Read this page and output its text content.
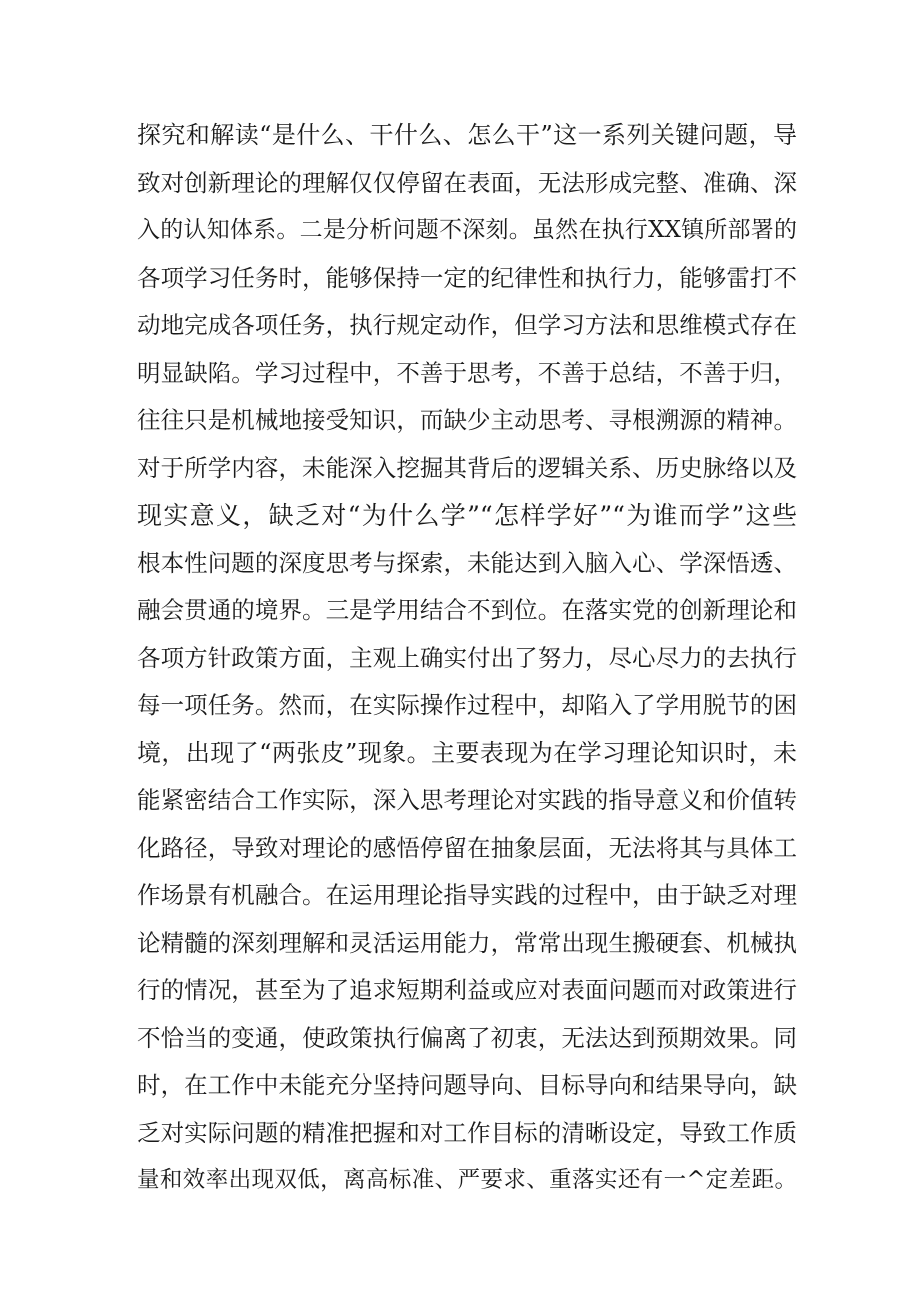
探究和解读“是什么、干什么、怎么干”这一系列关键问题，导
致对创新理论的理解仅仅停留在表面，无法形成完整、准确、深
入的认知体系。二是分析问题不深刻。虽然在执行XX镇所部署的
各项学习任务时，能够保持一定的纪律性和执行力，能够雷打不
动地完成各项任务，执行规定动作，但学习方法和思维模式存在
明显缺陷。学习过程中，不善于思考，不善于总结，不善于归，
往往只是机械地接受知识，而缺少主动思考、寻根溯源的精神。
对于所学内容，未能深入挖掘其背后的逻辑关系、历史脉络以及
现实意义，缺乏对“为什么学”“怎样学好”“为谁而学”这些
根本性问题的深度思考与探索，未能达到入脑入心、学深悟透、
融会贯通的境界。三是学用结合不到位。在落实党的创新理论和
各项方针政策方面，主观上确实付出了努力，尽心尽力的去执行
每一项任务。然而，在实际操作过程中，却陷入了学用脱节的困
境，出现了“两张皮”现象。主要表现为在学习理论知识时，未
能紧密结合工作实际，深入思考理论对实践的指导意义和价值转
化路径，导致对理论的感悟停留在抽象层面，无法将其与具体工
作场景有机融合。在运用理论指导实践的过程中，由于缺乏对理
论精髓的深刻理解和灵活运用能力，常常出现生搬硬套、机械执
行的情况，甚至为了追求短期利益或应对表面问题而对政策进行
不恰当的变通，使政策执行偏离了初衷，无法达到预期效果。同
时，在工作中未能充分坚持问题导向、目标导向和结果导向，缺
乏对实际问题的精准把握和对工作目标的清晰设定，导致工作质
量和效率出现双低，离高标准、严要求、重落实还有一^定差距。
